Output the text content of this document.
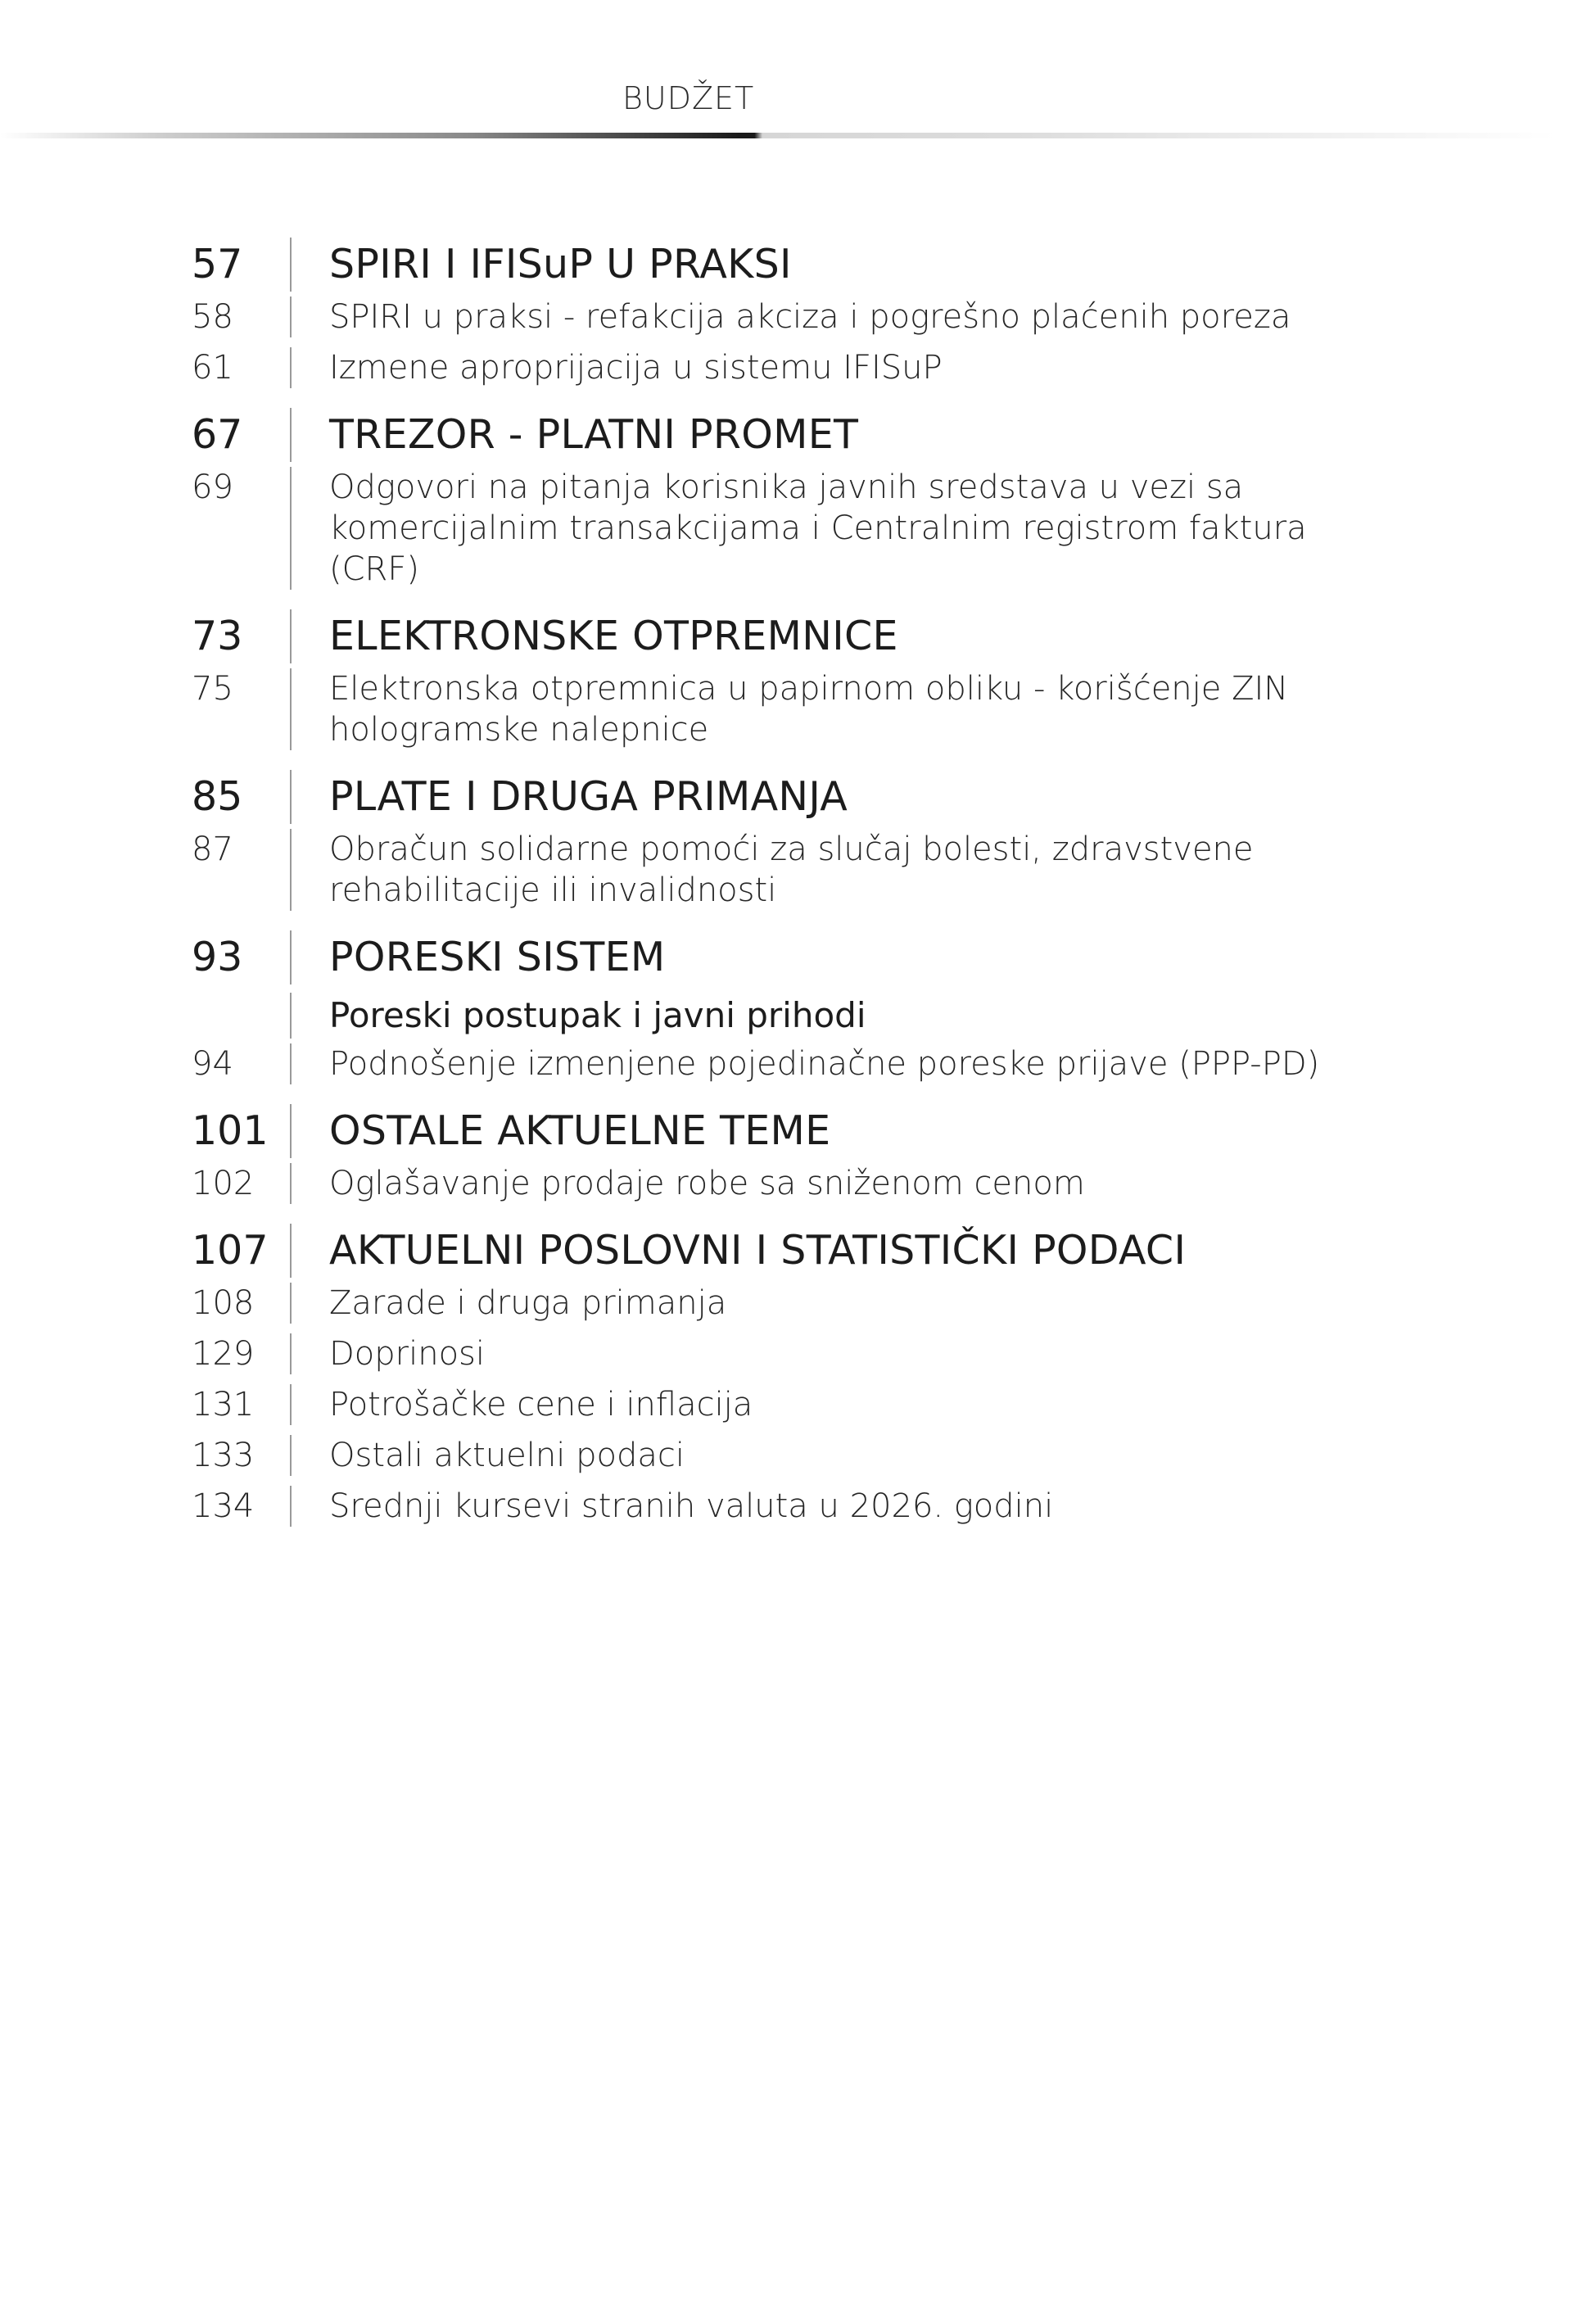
BUDŽET
57	SPIRI I IFISuP U PRAKSI
58	SPIRI u praksi - refakcija akciza i pogrešno plaćenih poreza
61	Izmene aproprijacija u sistemu IFISuP
67	TREZOR - PLATNI PROMET
69	Odgovori na pitanja korisnika javnih sredstava u vezi sa
komercijalnim transakcijama i Centralnim registrom faktura (CRF)
73	ELEKTRONSKE OTPREMNICE
75	Elektronska otpremnica u papirnom obliku - korišćenje ZIN
hologramske nalepnice
85	PLATE I DRUGA PRIMANJA
87	Obračun solidarne pomoći za slučaj bolesti, zdravstvene
rehabilitacije ili invalidnosti
93	PORESKI SISTEM
Poreski postupak i javni prihodi
94	Podnošenje izmenjene pojedinačne poreske prijave (PPP-PD)
101	OSTALE AKTUELNE TEME
102	Oglašavanje prodaje robe sa sniženom cenom
107	AKTUELNI POSLOVNI I STATISTIČKI PODACI
108	Zarade i druga primanja
129	Doprinosi
131	Potrošačke cene i inflacija
133	Ostali aktuelni podaci
134	Srednji kursevi stranih valuta u 2026. godini
